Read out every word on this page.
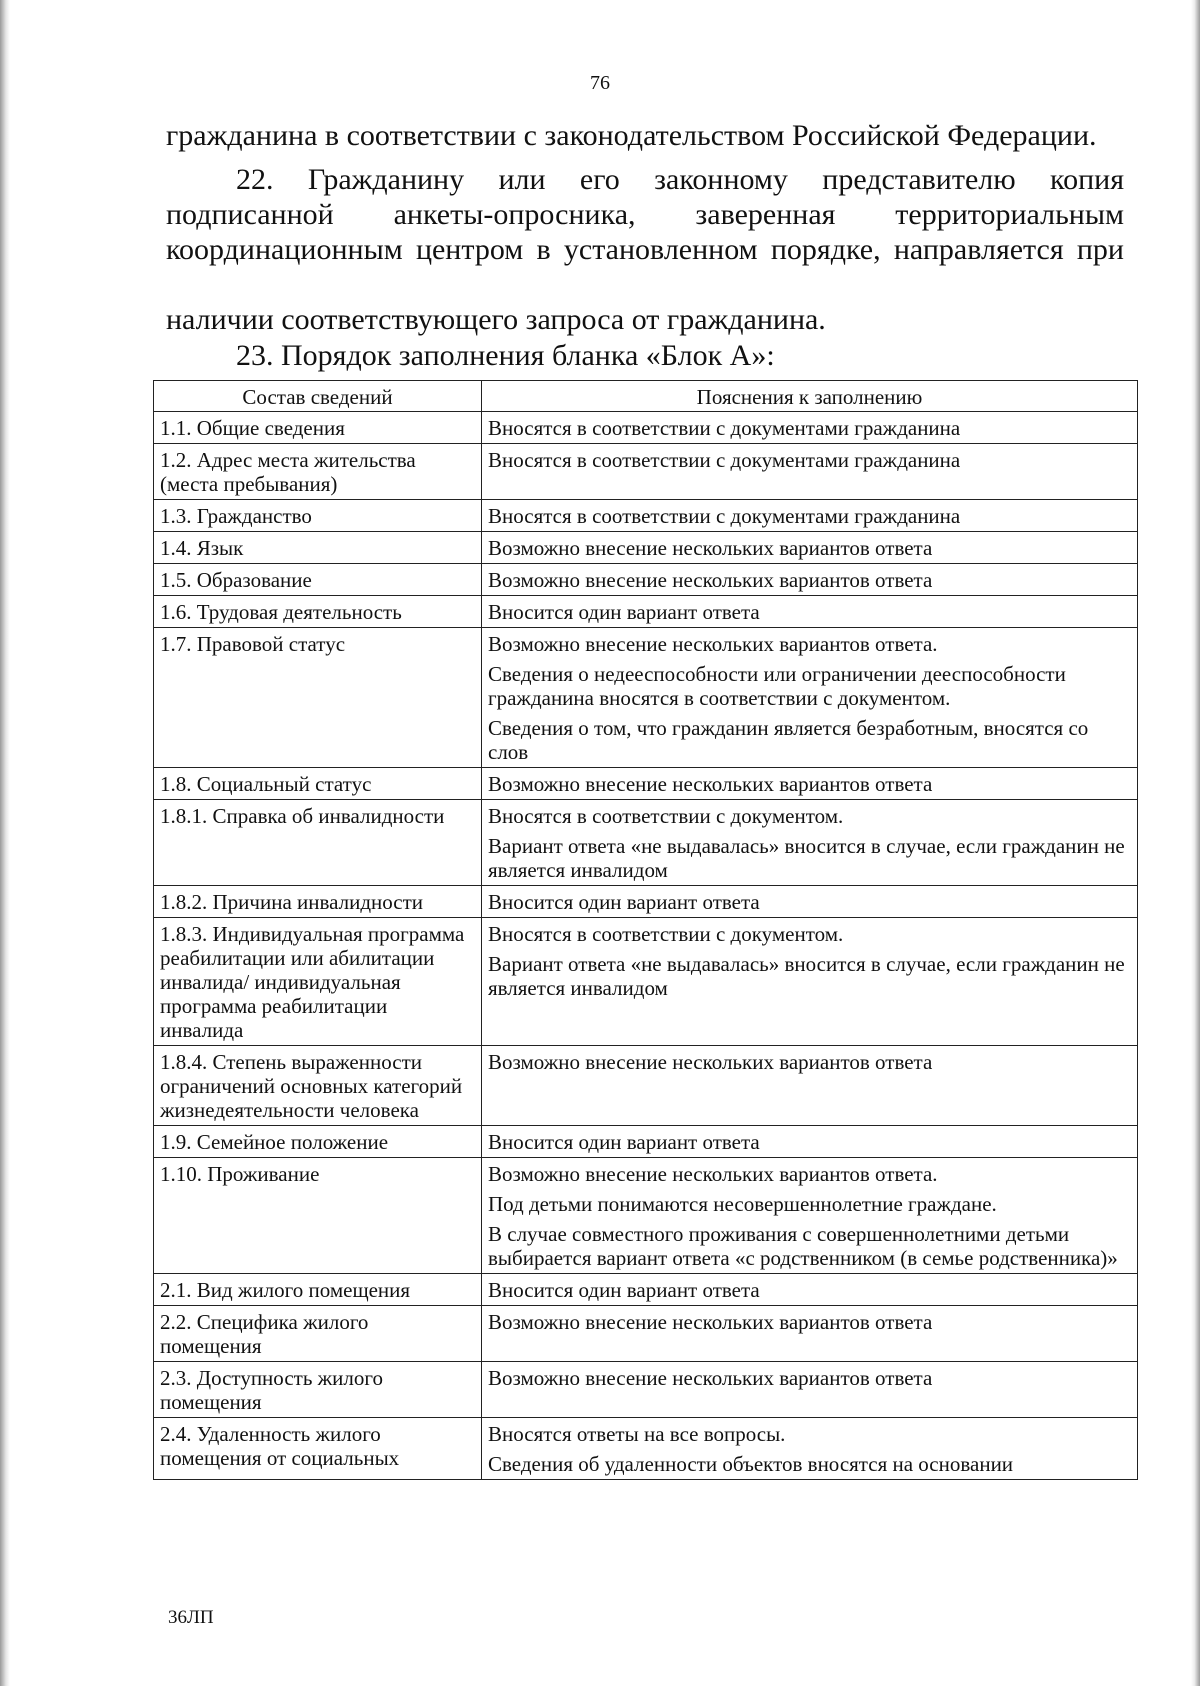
76
гражданина в соответствии с законодательством Российской Федерации.
22. Гражданину или его законному представителю копия подписанной анкеты-опросника, заверенная территориальным координационным центром в установленном порядке, направляется при
наличии соответствующего запроса от гражданина.
23. Порядок заполнения бланка «Блок А»:
Состав сведений	Пояснения к заполнению
1.1. Общие сведения	Вносятся в соответствии с документами гражданина

1.2. Адрес места жительства (места пребывания)	Вносятся в соответствии с документами гражданина

1.3. Гражданство	Вносятся в соответствии с документами гражданина

1.4. Язык	Возможно внесение нескольких вариантов ответа

1.5. Образование	Возможно внесение нескольких вариантов ответа

1.6. Трудовая деятельность	Вносится один вариант ответа

1.7. Правовой статус	Возможно внесение нескольких вариантов ответа.
Сведения о недееспособности или ограничении дееспособности гражданина вносятся в соответствии с документом.
Сведения о том, что гражданин является безработным, вносятся со слов

1.8. Социальный статус	Возможно внесение нескольких вариантов ответа

1.8.1. Справка об инвалидности	Вносятся в соответствии с документом.
Вариант ответа «не выдавалась» вносится в случае, если гражданин не является инвалидом

1.8.2. Причина инвалидности	Вносится один вариант ответа

1.8.3. Индивидуальная программа реабилитации или абилитации инвалида/ индивидуальная программа реабилитации инвалида	Вносятся в соответствии с документом.
Вариант ответа «не выдавалась» вносится в случае, если гражданин не является инвалидом

1.8.4. Степень выраженности ограничений основных категорий жизнедеятельности человека	Возможно внесение нескольких вариантов ответа

1.9. Семейное положение	Вносится один вариант ответа

1.10. Проживание	Возможно внесение нескольких вариантов ответа.
Под детьми понимаются несовершеннолетние граждане.
В случае совместного проживания с совершеннолетними детьми выбирается вариант ответа «с родственником (в семье родственника)»

2.1. Вид жилого помещения	Вносится один вариант ответа

2.2. Специфика жилого помещения	Возможно внесение нескольких вариантов ответа

2.3. Доступность жилого помещения	Возможно внесение нескольких вариантов ответа

2.4. Удаленность жилого помещения от социальных	Вносятся ответы на все вопросы.
Сведения об удаленности объектов вносятся на основании
36ЛП
